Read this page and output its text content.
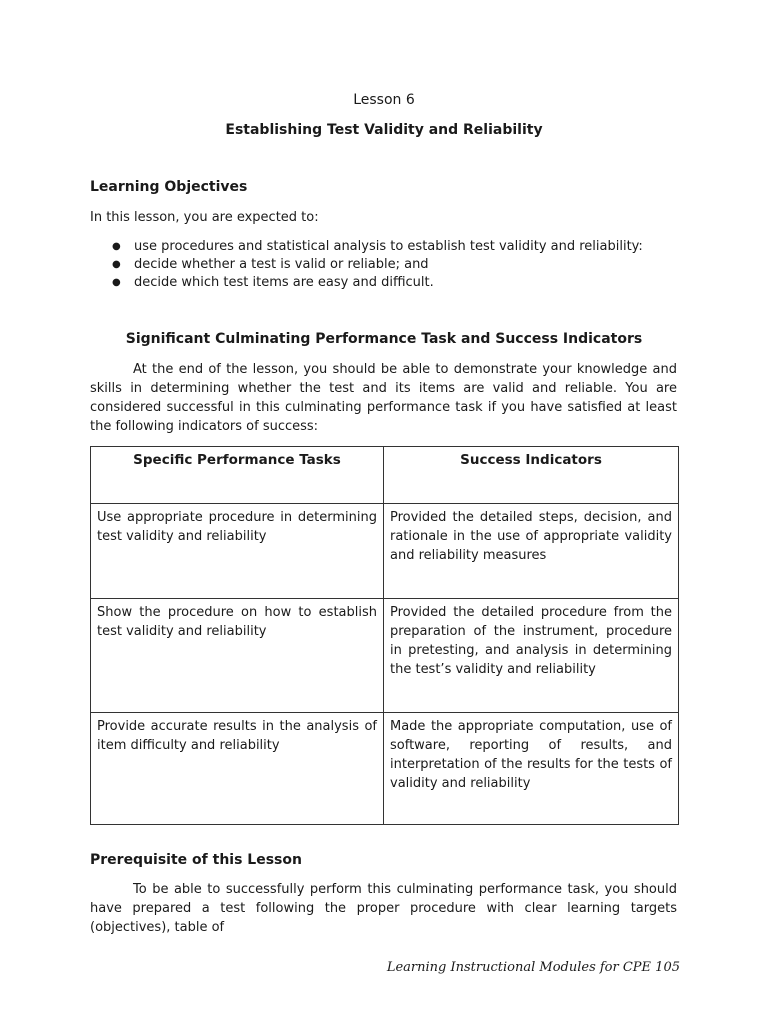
Lesson 6
Establishing Test Validity and Reliability
Learning Objectives
In this lesson, you are expected to:
● use procedures and statistical analysis to establish test validity and reliability:
● decide whether a test is valid or reliable; and
● decide which test items are easy and difficult.
Significant Culminating Performance Task and Success Indicators
At the end of the lesson, you should be able to demonstrate your knowledge and skills in determining whether the test and its items are valid and reliable. You are considered successful in this culminating performance task if you have satisfied at least the following indicators of success:
Specific Performance Tasks	Success Indicators
Use appropriate procedure in determining test validity and reliability	Provided the detailed steps, decision, and rationale in the use of appropriate validity and reliability measures
Show the procedure on how to establish test validity and reliability	Provided the detailed procedure from the preparation of the instrument, procedure in pretesting, and analysis in determining the test’s validity and reliability
Provide accurate results in the analysis of item difficulty and reliability	Made the appropriate computation, use of software, reporting of results, and interpretation of the results for the tests of validity and reliability
Prerequisite of this Lesson
To be able to successfully perform this culminating performance task, you should have prepared a test following the proper procedure with clear learning targets (objectives), table of
Learning Instructional Modules for CPE 105
